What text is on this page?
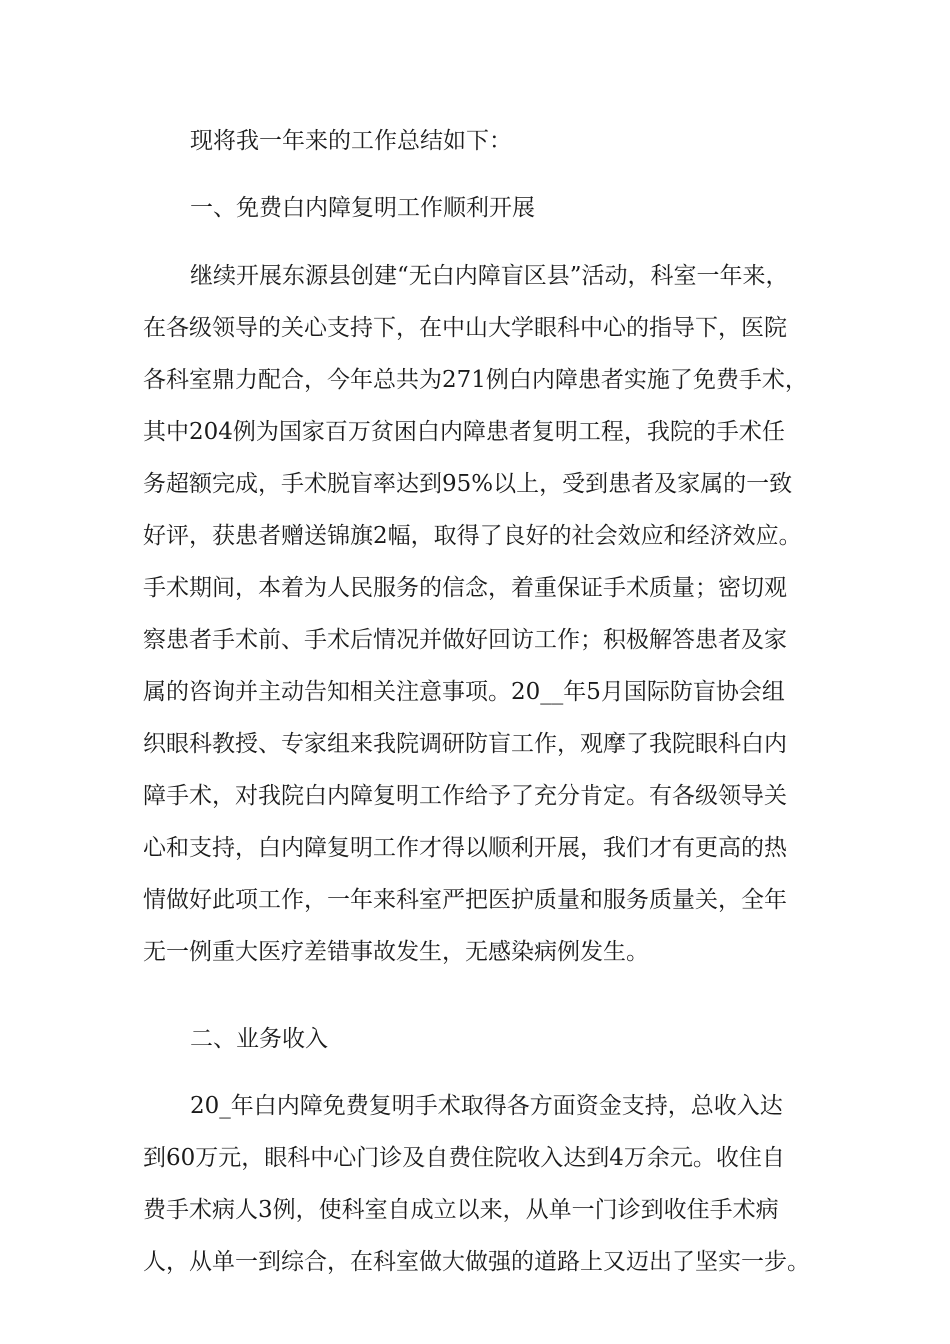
现将我一年来的工作总结如下：
一、免费白内障复明工作顺利开展
继续开展东源县创建“无白内障盲区县”活动，科室一年来，
在各级领导的关心支持下，在中山大学眼科中心的指导下，医院
各科室鼎力配合，今年总共为271例白内障患者实施了免费手术，
其中204例为国家百万贫困白内障患者复明工程，我院的手术任
务超额完成，手术脱盲率达到95%以上，受到患者及家属的一致
好评，获患者赠送锦旗2幅，取得了良好的社会效应和经济效应。
手术期间，本着为人民服务的信念，着重保证手术质量；密切观
察患者手术前、手术后情况并做好回访工作；积极解答患者及家
属的咨询并主动告知相关注意事项。20__年5月国际防盲协会组
织眼科教授、专家组来我院调研防盲工作，观摩了我院眼科白内
障手术，对我院白内障复明工作给予了充分肯定。有各级领导关
心和支持，白内障复明工作才得以顺利开展，我们才有更高的热
情做好此项工作，一年来科室严把医护质量和服务质量关，全年
无一例重大医疗差错事故发生，无感染病例发生。
二、业务收入
20_年白内障免费复明手术取得各方面资金支持，总收入达
到60万元，眼科中心门诊及自费住院收入达到4万余元。收住自
费手术病人3例，使科室自成立以来，从单一门诊到收住手术病
人，从单一到综合，在科室做大做强的道路上又迈出了坚实一步。
